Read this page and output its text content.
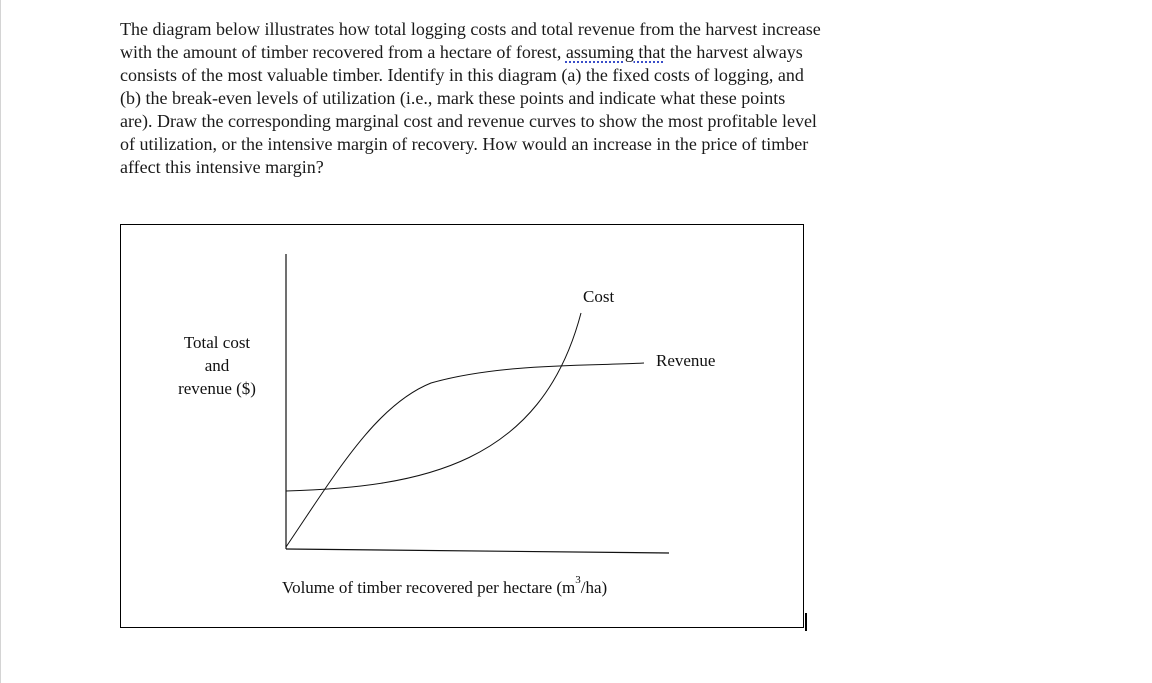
The diagram below illustrates how total logging costs and total revenue from the harvest increase
with the amount of timber recovered from a hectare of forest, assuming that the harvest always
consists of the most valuable timber. Identify in this diagram (a) the fixed costs of logging, and
(b) the break-even levels of utilization (i.e., mark these points and indicate what these points
are). Draw the corresponding marginal cost and revenue curves to show the most profitable level
of utilization, or the intensive margin of recovery. How would an increase in the price of timber
affect this intensive margin?
Total cost
and
revenue ($)
Cost
Revenue
Volume of timber recovered per hectare $(m^3/ha)$
